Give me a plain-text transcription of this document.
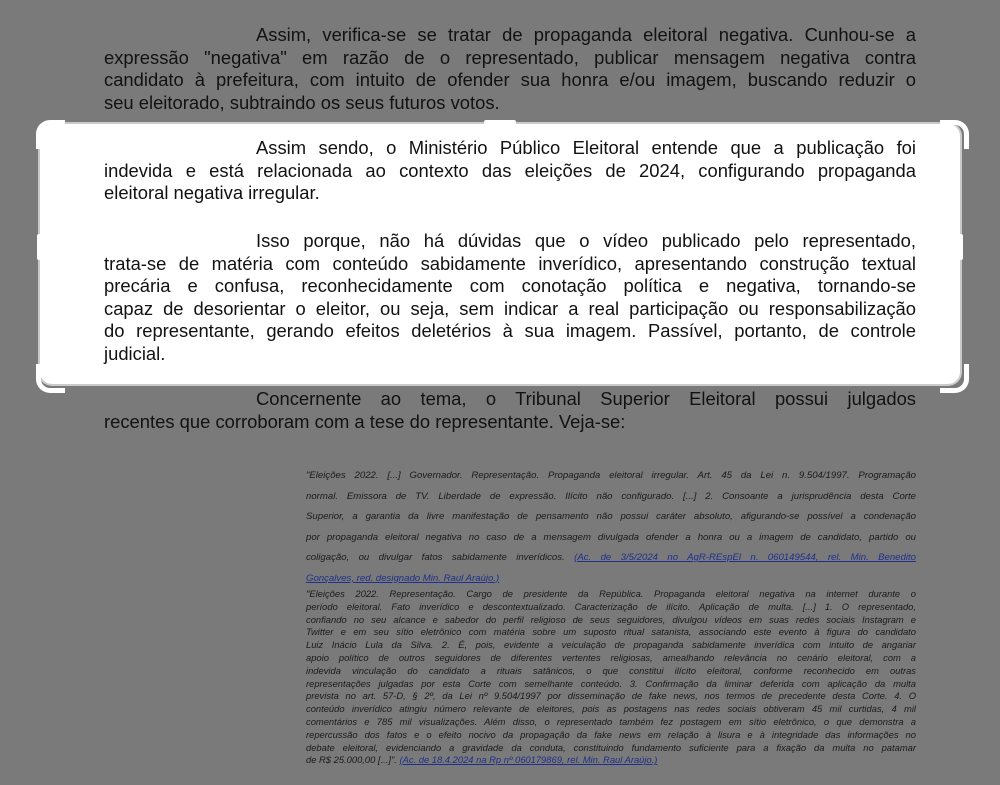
Assim, verifica-se se tratar de propaganda eleitoral negativa. Cunhou-se a
expressão "negativa" em razão de o representado, publicar mensagem negativa contra
candidato à prefeitura, com intuito de ofender sua honra e/ou imagem, buscando reduzir o
seu eleitorado, subtraindo os seus futuros votos.

Assim sendo, o Ministério Público Eleitoral entende que a publicação foi
indevida e está relacionada ao contexto das eleições de 2024, configurando propaganda
eleitoral negativa irregular.

Isso porque, não há dúvidas que o vídeo publicado pelo representado,
trata-se de matéria com conteúdo sabidamente inverídico, apresentando construção textual
precária e confusa, reconhecidamente com conotação política e negativa, tornando-se
capaz de desorientar o eleitor, ou seja, sem indicar a real participação ou responsabilização
do representante, gerando efeitos deletérios à sua imagem. Passível, portanto, de controle
judicial.

Concernente ao tema, o Tribunal Superior Eleitoral possui julgados
recentes que corroboram com a tese do representante. Veja-se:

"Eleições 2022. [...] Governador. Representação. Propaganda eleitoral irregular. Art. 45 da Lei n. 9.504/1997. Programação
normal. Emissora de TV. Liberdade de expressão. Ilícito não configurado. [...] 2. Consoante a jurisprudência desta Corte
Superior, a garantia da livre manifestação de pensamento não possui caráter absoluto, afigurando-se possível a condenação
por propaganda eleitoral negativa no caso de a mensagem divulgada ofender a honra ou a imagem de candidato, partido ou
coligação, ou divulgar fatos sabidamente inverídicos. (Ac. de 3/5/2024 no AgR-REspEl n. 060149544, rel. Min. Benedito
Gonçalves, red. designado Min. Raul Araújo.)
"Eleições 2022. Representação. Cargo de presidente da República. Propaganda eleitoral negativa na internet durante o
período eleitoral. Fato inverídico e descontextualizado. Caracterização de ilícito. Aplicação de multa. [...] 1. O representado,
confiando no seu alcance e sabedor do perfil religioso de seus seguidores, divulgou vídeos em suas redes sociais Instagram e
Twitter e em seu sítio eletrônico com matéria sobre um suposto ritual satanista, associando este evento à figura do candidato
Luiz Inácio Lula da Silva. 2. É, pois, evidente a veiculação de propaganda sabidamente inverídica com intuito de angariar
apoio político de outros seguidores de diferentes vertentes religiosas, amealhando relevância no cenário eleitoral, com a
indevida vinculação do candidato a rituais satânicos, o que constitui ilícito eleitoral, conforme reconhecido em outras
representações julgadas por esta Corte com semelhante conteúdo. 3. Confirmação da liminar deferida com aplicação da multa
prevista no art. 57-D, § 2º, da Lei nº 9.504/1997 por disseminação de fake news, nos termos de precedente desta Corte. 4. O
conteúdo inverídico atingiu número relevante de eleitores, pois as postagens nas redes sociais obtiveram 45 mil curtidas, 4 mil
comentários e 785 mil visualizações. Além disso, o representado também fez postagem em sítio eletrônico, o que demonstra a
repercussão dos fatos e o efeito nocivo da propagação da fake news em relação à lisura e à integridade das informações no
debate eleitoral, evidenciando a gravidade da conduta, constituindo fundamento suficiente para a fixação da multa no patamar
de R$ 25.000,00 [...]". (Ac. de 18.4.2024 na Rp nº 060179869, rel. Min. Raul Araújo.)
